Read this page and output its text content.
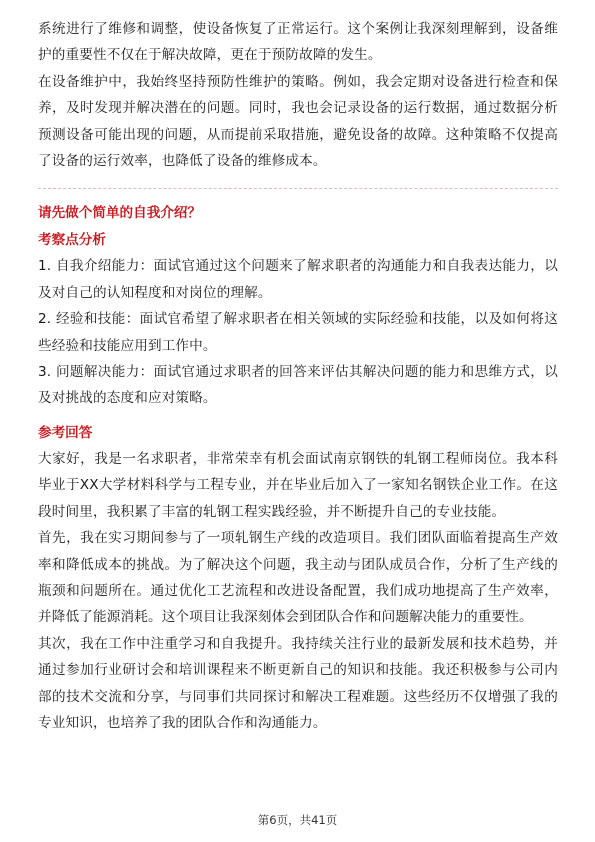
系统进行了维修和调整，使设备恢复了正常运行。这个案例让我深刻理解到，设备维护的重要性不仅在于解决故障，更在于预防故障的发生。

在设备维护中，我始终坚持预防性维护的策略。例如，我会定期对设备进行检查和保养，及时发现并解决潜在的问题。同时，我也会记录设备的运行数据，通过数据分析预测设备可能出现的问题，从而提前采取措施，避免设备的故障。这种策略不仅提高了设备的运行效率，也降低了设备的维修成本。

请先做个简单的自我介绍？

考察点分析

1. 自我介绍能力：面试官通过这个问题来了解求职者的沟通能力和自我表达能力，以及对自己的认知程度和对岗位的理解。

2. 经验和技能：面试官希望了解求职者在相关领域的实际经验和技能，以及如何将这些经验和技能应用到工作中。

3. 问题解决能力：面试官通过求职者的回答来评估其解决问题的能力和思维方式，以及对挑战的态度和应对策略。

参考回答

大家好，我是一名求职者，非常荣幸有机会面试南京钢铁的轧钢工程师岗位。我本科毕业于XX大学材料科学与工程专业，并在毕业后加入了一家知名钢铁企业工作。在这段时间里，我积累了丰富的轧钢工程实践经验，并不断提升自己的专业技能。

首先，我在实习期间参与了一项轧钢生产线的改造项目。我们团队面临着提高生产效率和降低成本的挑战。为了解决这个问题，我主动与团队成员合作，分析了生产线的瓶颈和问题所在。通过优化工艺流程和改进设备配置，我们成功地提高了生产效率，并降低了能源消耗。这个项目让我深刻体会到团队合作和问题解决能力的重要性。

其次，我在工作中注重学习和自我提升。我持续关注行业的最新发展和技术趋势，并通过参加行业研讨会和培训课程来不断更新自己的知识和技能。我还积极参与公司内部的技术交流和分享，与同事们共同探讨和解决工程难题。这些经历不仅增强了我的专业知识，也培养了我的团队合作和沟通能力。

第6页，共41页
